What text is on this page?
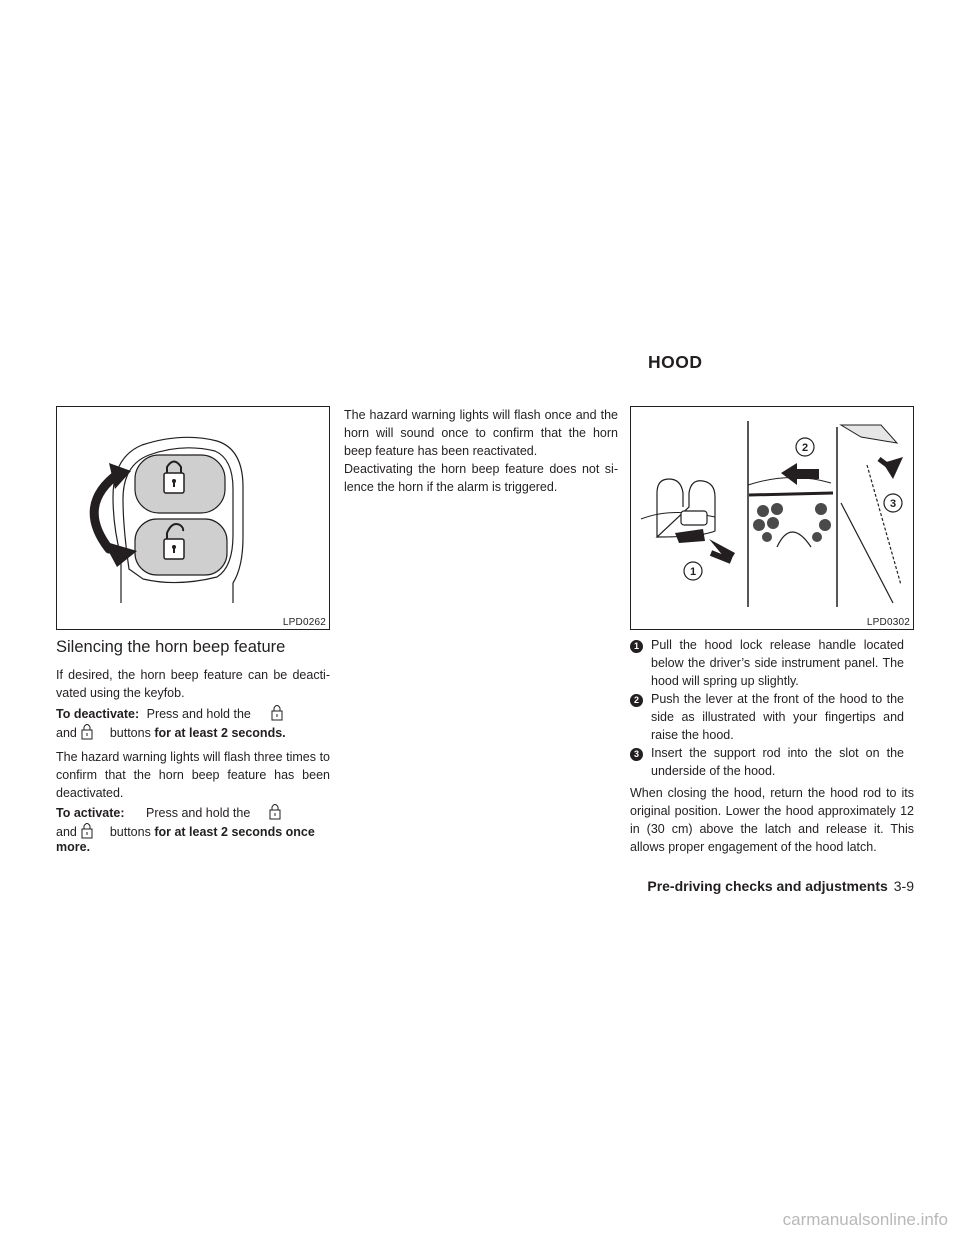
HOOD
LPD0262
1
2
3
LPD0302
Silencing the horn beep feature
If desired, the horn beep feature can be deacti- vated using the keyfob.
To deactivate: Press and hold the
and	buttons for at least 2 seconds.
The hazard warning lights will flash three times to confirm that the horn beep feature has been deactivated.
To activate: Press and hold the
and	buttons for at least 2 seconds once
more.
The hazard warning lights will flash once and the horn will sound once to confirm that the horn beep feature has been reactivated.
Deactivating the horn beep feature does not si- lence the horn if the alarm is triggered.
1 Pull the hood lock release handle located below the driver’s side instrument panel. The hood will spring up slightly.
2 Push the lever at the front of the hood to the side as illustrated with your fingertips and raise the hood.
3 Insert the support rod into the slot on the underside of the hood.
When closing the hood, return the hood rod to its original position. Lower the hood approximately 12 in (30 cm) above the latch and release it. This allows proper engagement of the hood latch.
Pre-driving checks and adjustments 3-9
carmanualsonline.info
